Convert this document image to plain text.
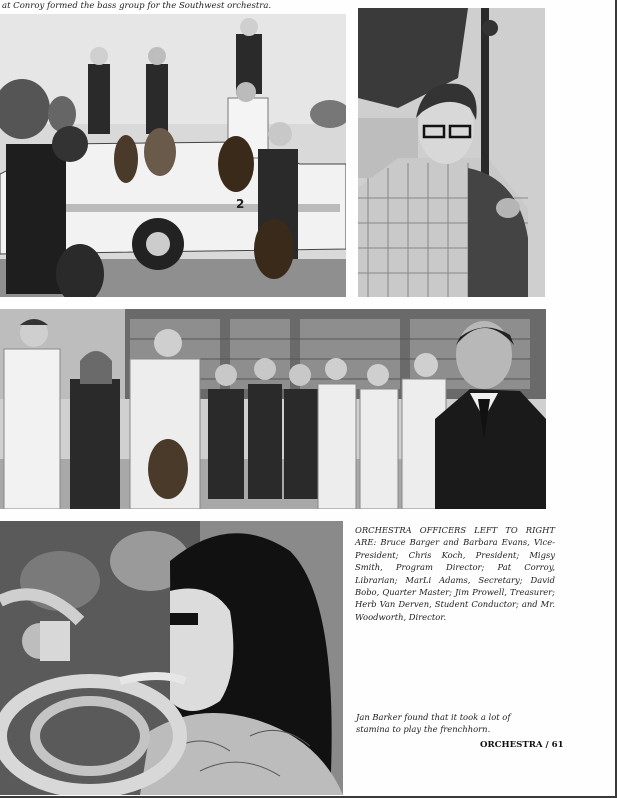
at Conroy formed the bass group for the Southwest orchestra.
2
ORCHESTRA OFFICERS LEFT TO RIGHT ARE: Bruce Barger and Barbara Evans, Vice-President; Chris Koch, President; Migsy Smith, Program Director; Pat Corroy, Librarian; MarLi Adams, Secretary; David Bobo, Quarter Master; Jim Prowell, Treasurer; Herb Van Derven, Student Conductor; and Mr. Woodworth, Director.
Jan Barker found that it took a lot of stamina to play the frenchhorn.
ORCHESTRA / 61
